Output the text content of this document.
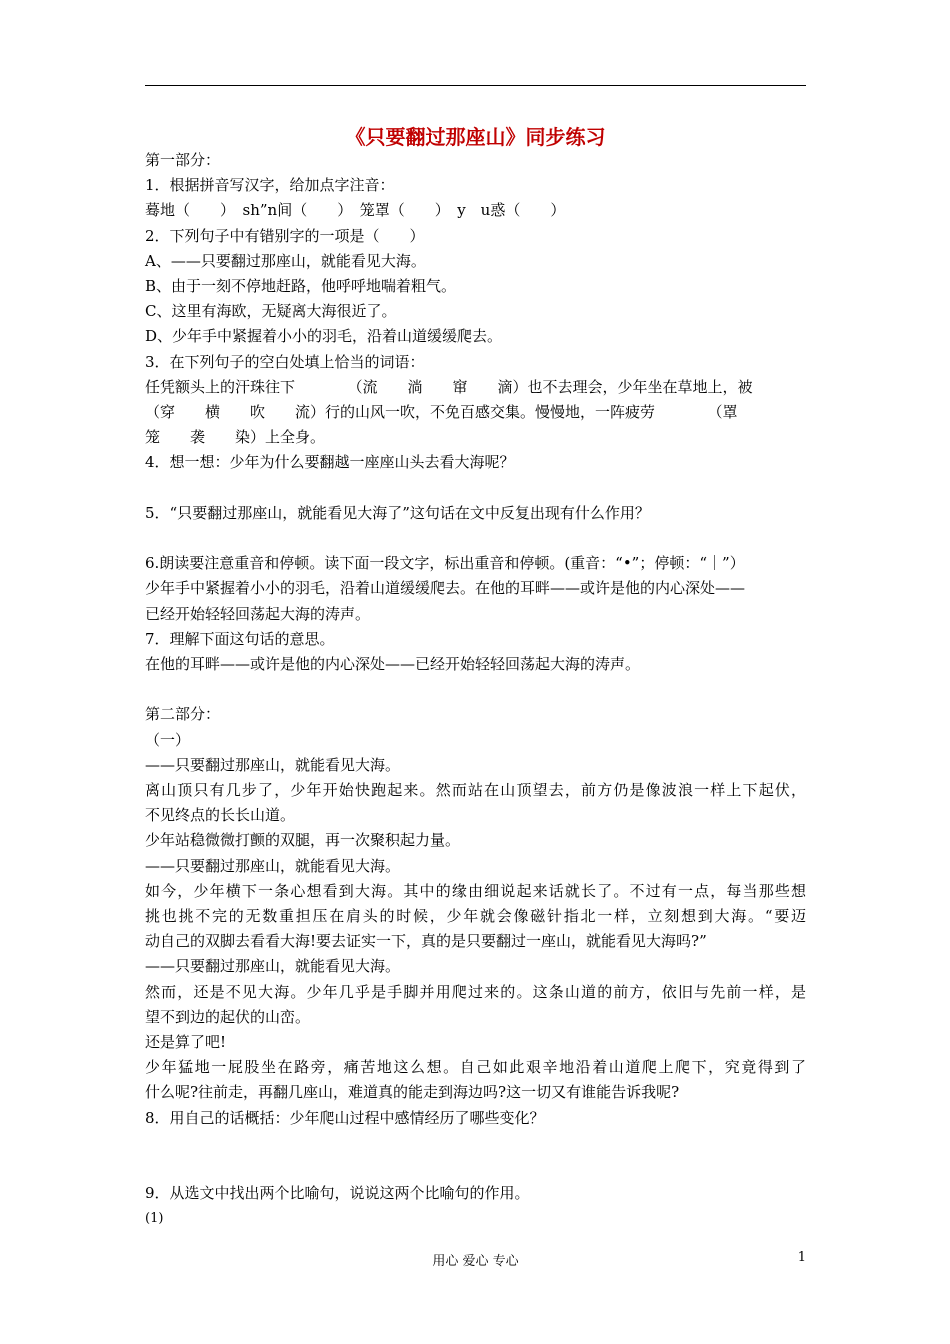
《只要翻过那座山》同步练习
第一部分：
1．根据拼音写汉字，给加点字注音：
蓦地（　　）　sh”n间（　　）　笼罩（　　）　y　u惑（　　）
2．下列句子中有错别字的一项是（　　）
A、——只要翻过那座山，就能看见大海。
B、由于一刻不停地赶路，他呼呼地喘着粗气。
C、这里有海欧，无疑离大海很近了。
D、少年手中紧握着小小的羽毛，沿着山道缓缓爬去。
3．在下列句子的空白处填上恰当的词语：
任凭额头上的汗珠往下　　　　（流　　淌　　窜　　滴）也不去理会，少年坐在草地上，被
（穿　　横　　吹　　流）行的山风一吹，不免百感交集。慢慢地，一阵疲劳　　　　（罩
笼　　袭　　染）上全身。
4．想一想：少年为什么要翻越一座座山头去看大海呢？
5．“只要翻过那座山，就能看见大海了”这句话在文中反复出现有什么作用？
6.朗读要注意重音和停顿。读下面一段文字，标出重音和停顿。(重音：“•”；停顿：“｜”）
少年手中紧握着小小的羽毛，沿着山道缓缓爬去。在他的耳畔——或许是他的内心深处——
已经开始轻轻回荡起大海的涛声。
7．理解下面这句话的意思。
在他的耳畔——或许是他的内心深处——已经开始轻轻回荡起大海的涛声。
第二部分：
（一）
——只要翻过那座山，就能看见大海。
离山顶只有几步了，少年开始快跑起来。然而站在山顶望去，前方仍是像波浪一样上下起伏，
不见终点的长长山道。
少年站稳微微打颤的双腿，再一次聚积起力量。
——只要翻过那座山，就能看见大海。
如今，少年横下一条心想看到大海。其中的缘由细说起来话就长了。不过有一点，每当那些想
挑也挑不完的无数重担压在肩头的时候，少年就会像磁针指北一样，立刻想到大海。“要迈
动自己的双脚去看看大海!要去证实一下，真的是只要翻过一座山，就能看见大海吗?”
——只要翻过那座山，就能看见大海。
然而，还是不见大海。少年几乎是手脚并用爬过来的。这条山道的前方，依旧与先前一样，是
望不到边的起伏的山峦。
还是算了吧!
少年猛地一屁股坐在路旁，痛苦地这么想。自己如此艰辛地沿着山道爬上爬下，究竟得到了
什么呢?往前走，再翻几座山，难道真的能走到海边吗?这一切又有谁能告诉我呢?
8．用自己的话概括：少年爬山过程中感情经历了哪些变化？
9．从选文中找出两个比喻句，说说这两个比喻句的作用。
(1)
用心 爱心 专心	1
